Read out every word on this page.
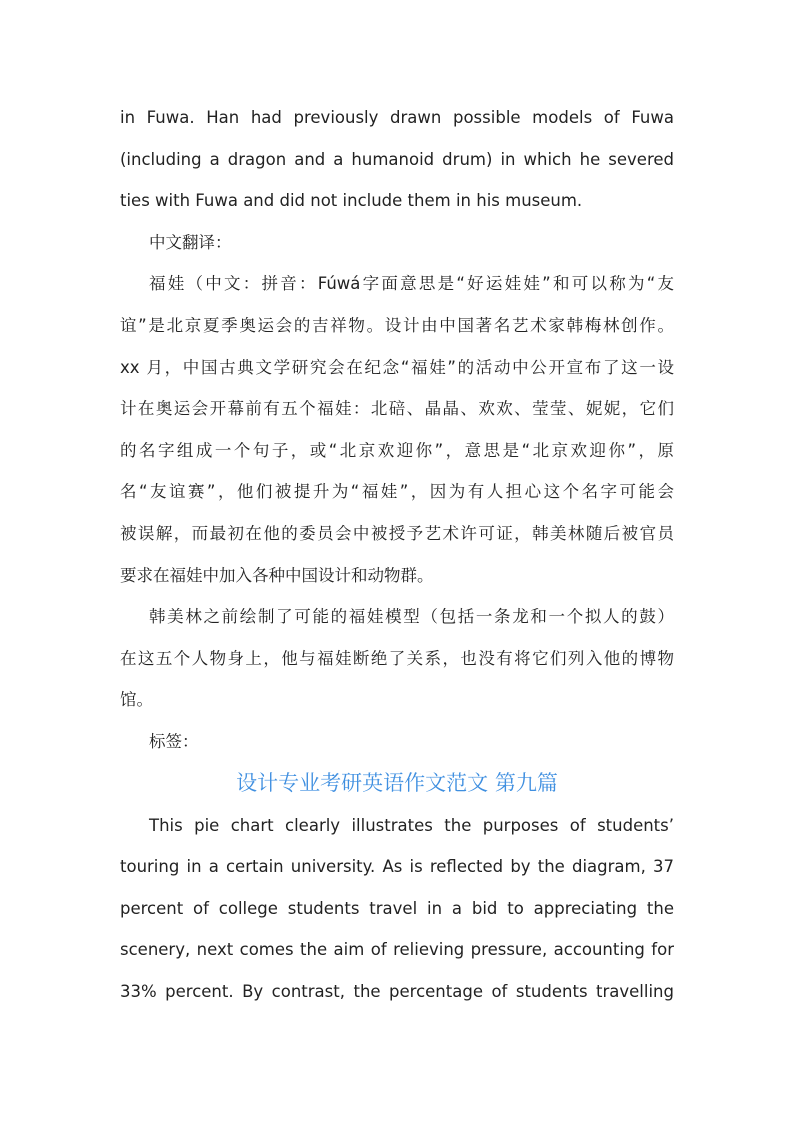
in Fuwa. Han had previously drawn possible models of Fuwa
(including a dragon and a humanoid drum) in which he severed
ties with Fuwa and did not include them in his museum.
中文翻译：
福娃（中文：拼音：Fúwá字面意思是“好运娃娃”和可以称为“友
谊”是北京夏季奥运会的吉祥物。设计由中国著名艺术家韩梅林创作。
xx 月，中国古典文学研究会在纪念“福娃”的活动中公开宣布了这一设
计在奥运会开幕前有五个福娃：北碚、晶晶、欢欢、莹莹、妮妮，它们
的名字组成一个句子，或“北京欢迎你”，意思是“北京欢迎你”，原
名“友谊赛”，他们被提升为“福娃”，因为有人担心这个名字可能会
被误解，而最初在他的委员会中被授予艺术许可证，韩美林随后被官员
要求在福娃中加入各种中国设计和动物群。
韩美林之前绘制了可能的福娃模型（包括一条龙和一个拟人的鼓）
在这五个人物身上，他与福娃断绝了关系，也没有将它们列入他的博物
馆。
标签：
设计专业考研英语作文范文 第九篇
This pie chart clearly illustrates the purposes of students’
touring in a certain university. As is reflected by the diagram, 37
percent of college students travel in a bid to appreciating the
scenery, next comes the aim of relieving pressure, accounting for
33% percent. By contrast, the percentage of students travelling
